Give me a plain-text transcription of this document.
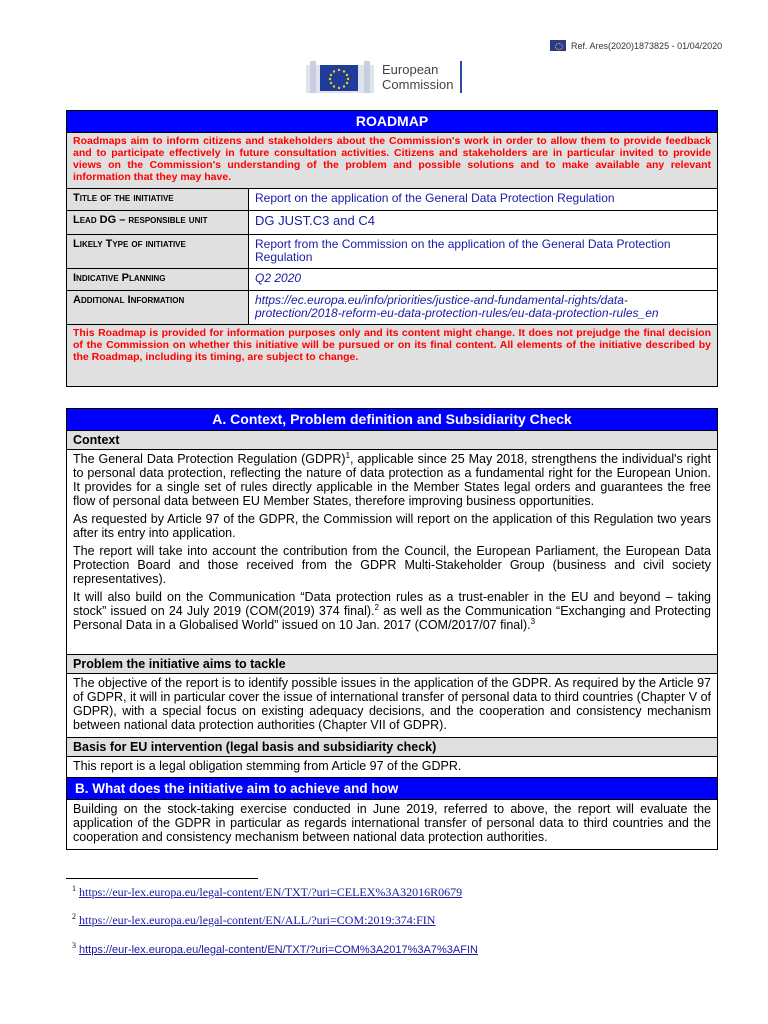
Ref. Ares(2020)1873825 - 01/04/2020
European
Commission
ROADMAP	
Roadmaps aim to inform citizens and stakeholders about the Commission's work in order to allow them to provide feedback and to participate effectively in future consultation activities. Citizens and stakeholders are in particular invited to provide views on the Commission's understanding of the problem and possible solutions and to make available any relevant information that they may have.	
Title of the initiative	Report on the application of the General Data Protection Regulation
Lead DG – responsible unit	DG JUST.C3 and C4
Likely Type of initiative	Report from the Commission on the application of the General Data Protection Regulation
Indicative Planning	Q2 2020
Additional Information	https://ec.europa.eu/info/priorities/justice-and-fundamental-rights/data-protection/2018-reform-eu-data-protection-rules/eu-data-protection-rules_en
This Roadmap is provided for information purposes only and its content might change. It does not prejudge the final decision of the Commission on whether this initiative will be pursued or on its final content. All elements of the initiative described by the Roadmap, including its timing, are subject to change.	
A. Context, Problem definition and Subsidiarity Check
Context

The General Data Protection Regulation (GDPR)$^1$, applicable since 25 May 2018, strengthens the individual's right to personal data protection, reflecting the nature of data protection as a fundamental right for the European Union. It provides for a single set of rules directly applicable in the Member States legal orders and guarantees the free flow of personal data between EU Member States, therefore improving business opportunities.

As requested by Article 97 of the GDPR, the Commission will report on the application of this Regulation two years after its entry into application.

The report will take into account the contribution from the Council, the European Parliament, the European Data Protection Board and those received from the GDPR Multi-Stakeholder Group (business and civil society representatives).

It will also build on the Communication “Data protection rules as a trust-enabler in the EU and beyond – taking stock” issued on 24 July 2019 (COM(2019) 374 final).$^2$ as well as the Communication “Exchanging and Protecting Personal Data in a Globalised World” issued on 10 Jan. 2017 (COM/2017/07 final).$^3$

Problem the initiative aims to tackle
The objective of the report is to identify possible issues in the application of the GDPR. As required by the Article 97 of GDPR, it will in particular cover the issue of international transfer of personal data to third countries (Chapter V of GDPR), with a special focus on existing adequacy decisions, and the cooperation and consistency mechanism between national data protection authorities (Chapter VII of GDPR).
Basis for EU intervention (legal basis and subsidiarity check)
This report is a legal obligation stemming from Article 97 of the GDPR.
B. What does the initiative aim to achieve and how
Building on the stock-taking exercise conducted in June 2019, referred to above, the report will evaluate the application of the GDPR in particular as regards international transfer of personal data to third countries and the cooperation and consistency mechanism between national data protection authorities.
$^1$ https://eur-lex.europa.eu/legal-content/EN/TXT/?uri=CELEX%3A32016R0679
$^2$ https://eur-lex.europa.eu/legal-content/EN/ALL/?uri=COM:2019:374:FIN
$^3$ https://eur-lex.europa.eu/legal-content/EN/TXT/?uri=COM%3A2017%3A7%3AFIN
